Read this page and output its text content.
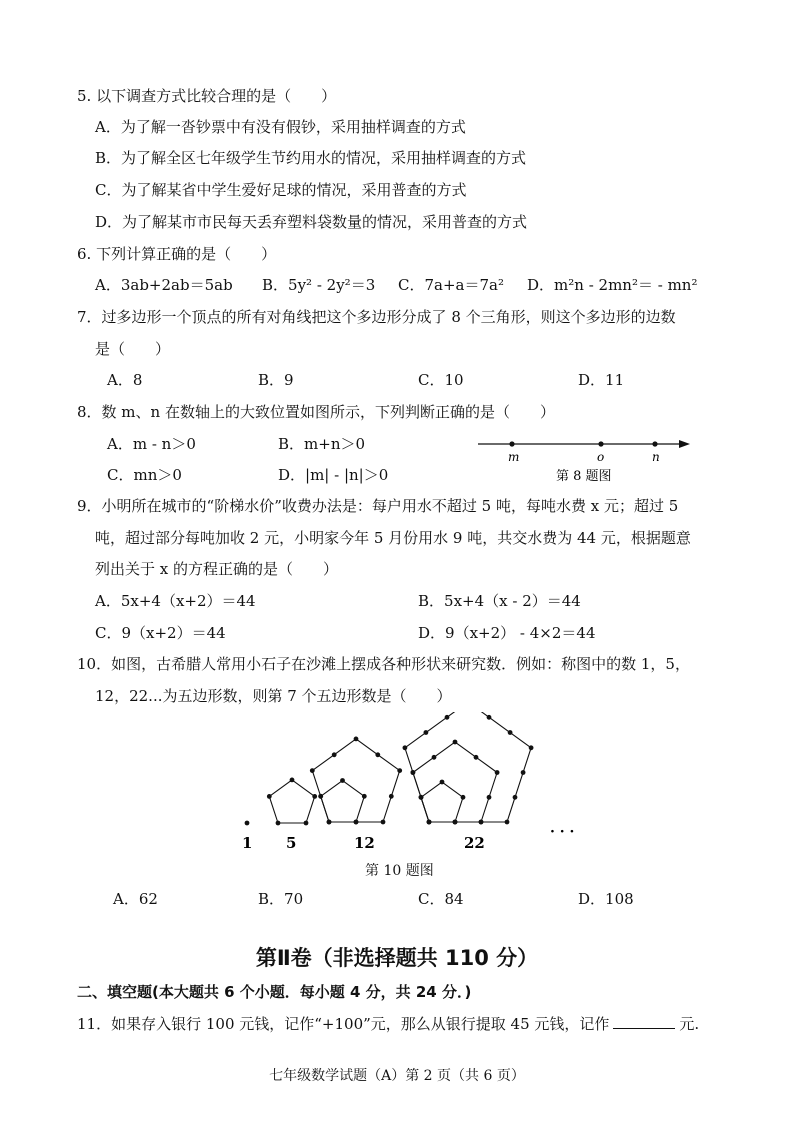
5. 以下调查方式比较合理的是（　　）
A．为了解一沓钞票中有没有假钞，采用抽样调查的方式
B．为了解全区七年级学生节约用水的情况，采用抽样调查的方式
C．为了解某省中学生爱好足球的情况，采用普查的方式
D．为了解某市市民每天丢弃塑料袋数量的情况，采用普查的方式
6. 下列计算正确的是（　　）
A．3ab+2ab＝5ab B．5y² - 2y²＝3 C．7a+a＝7a² D．m²n - 2mn²＝ - mn²
7．过多边形一个顶点的所有对角线把这个多边形分成了 8 个三角形，则这个多边形的边数
是（　　）
A．8	B．9	C．10	D．11
8．数 m、n 在数轴上的大致位置如图所示，下列判断正确的是（　　）
A．m - n＞0	B．m+n＞0
C．mn＞0	D．|m| - |n|＞0
m	o	n
第 8 题图
9．小明所在城市的“阶梯水价”收费办法是：每户用水不超过 5 吨，每吨水费 x 元；超过 5
吨，超过部分每吨加收 2 元，小明家今年 5 月份用水 9 吨，共交水费为 44 元，根据题意
列出关于 x 的方程正确的是（　　）
A．5x+4（x+2）＝44	B．5x+4（x - 2）＝44
C．9（x+2）＝44	D．9（x+2） - 4×2＝44
10．如图，古希腊人常用小石子在沙滩上摆成各种形状来研究数．例如：称图中的数 1，5，
12，22...为五边形数，则第 7 个五边形数是（　　）
1 5	12	22
· · ·
第 10 题图
A．62	B．70	C．84	D．108
第Ⅱ卷（非选择题共 110 分）
二、填空题(本大题共 6 个小题．每小题 4 分，共 24 分．)
11．如果存入银行 100 元钱，记作“+100”元，那么从银行提取 45 元钱，记作	元.
七年级数学试题（A）第 2 页（共 6 页）
